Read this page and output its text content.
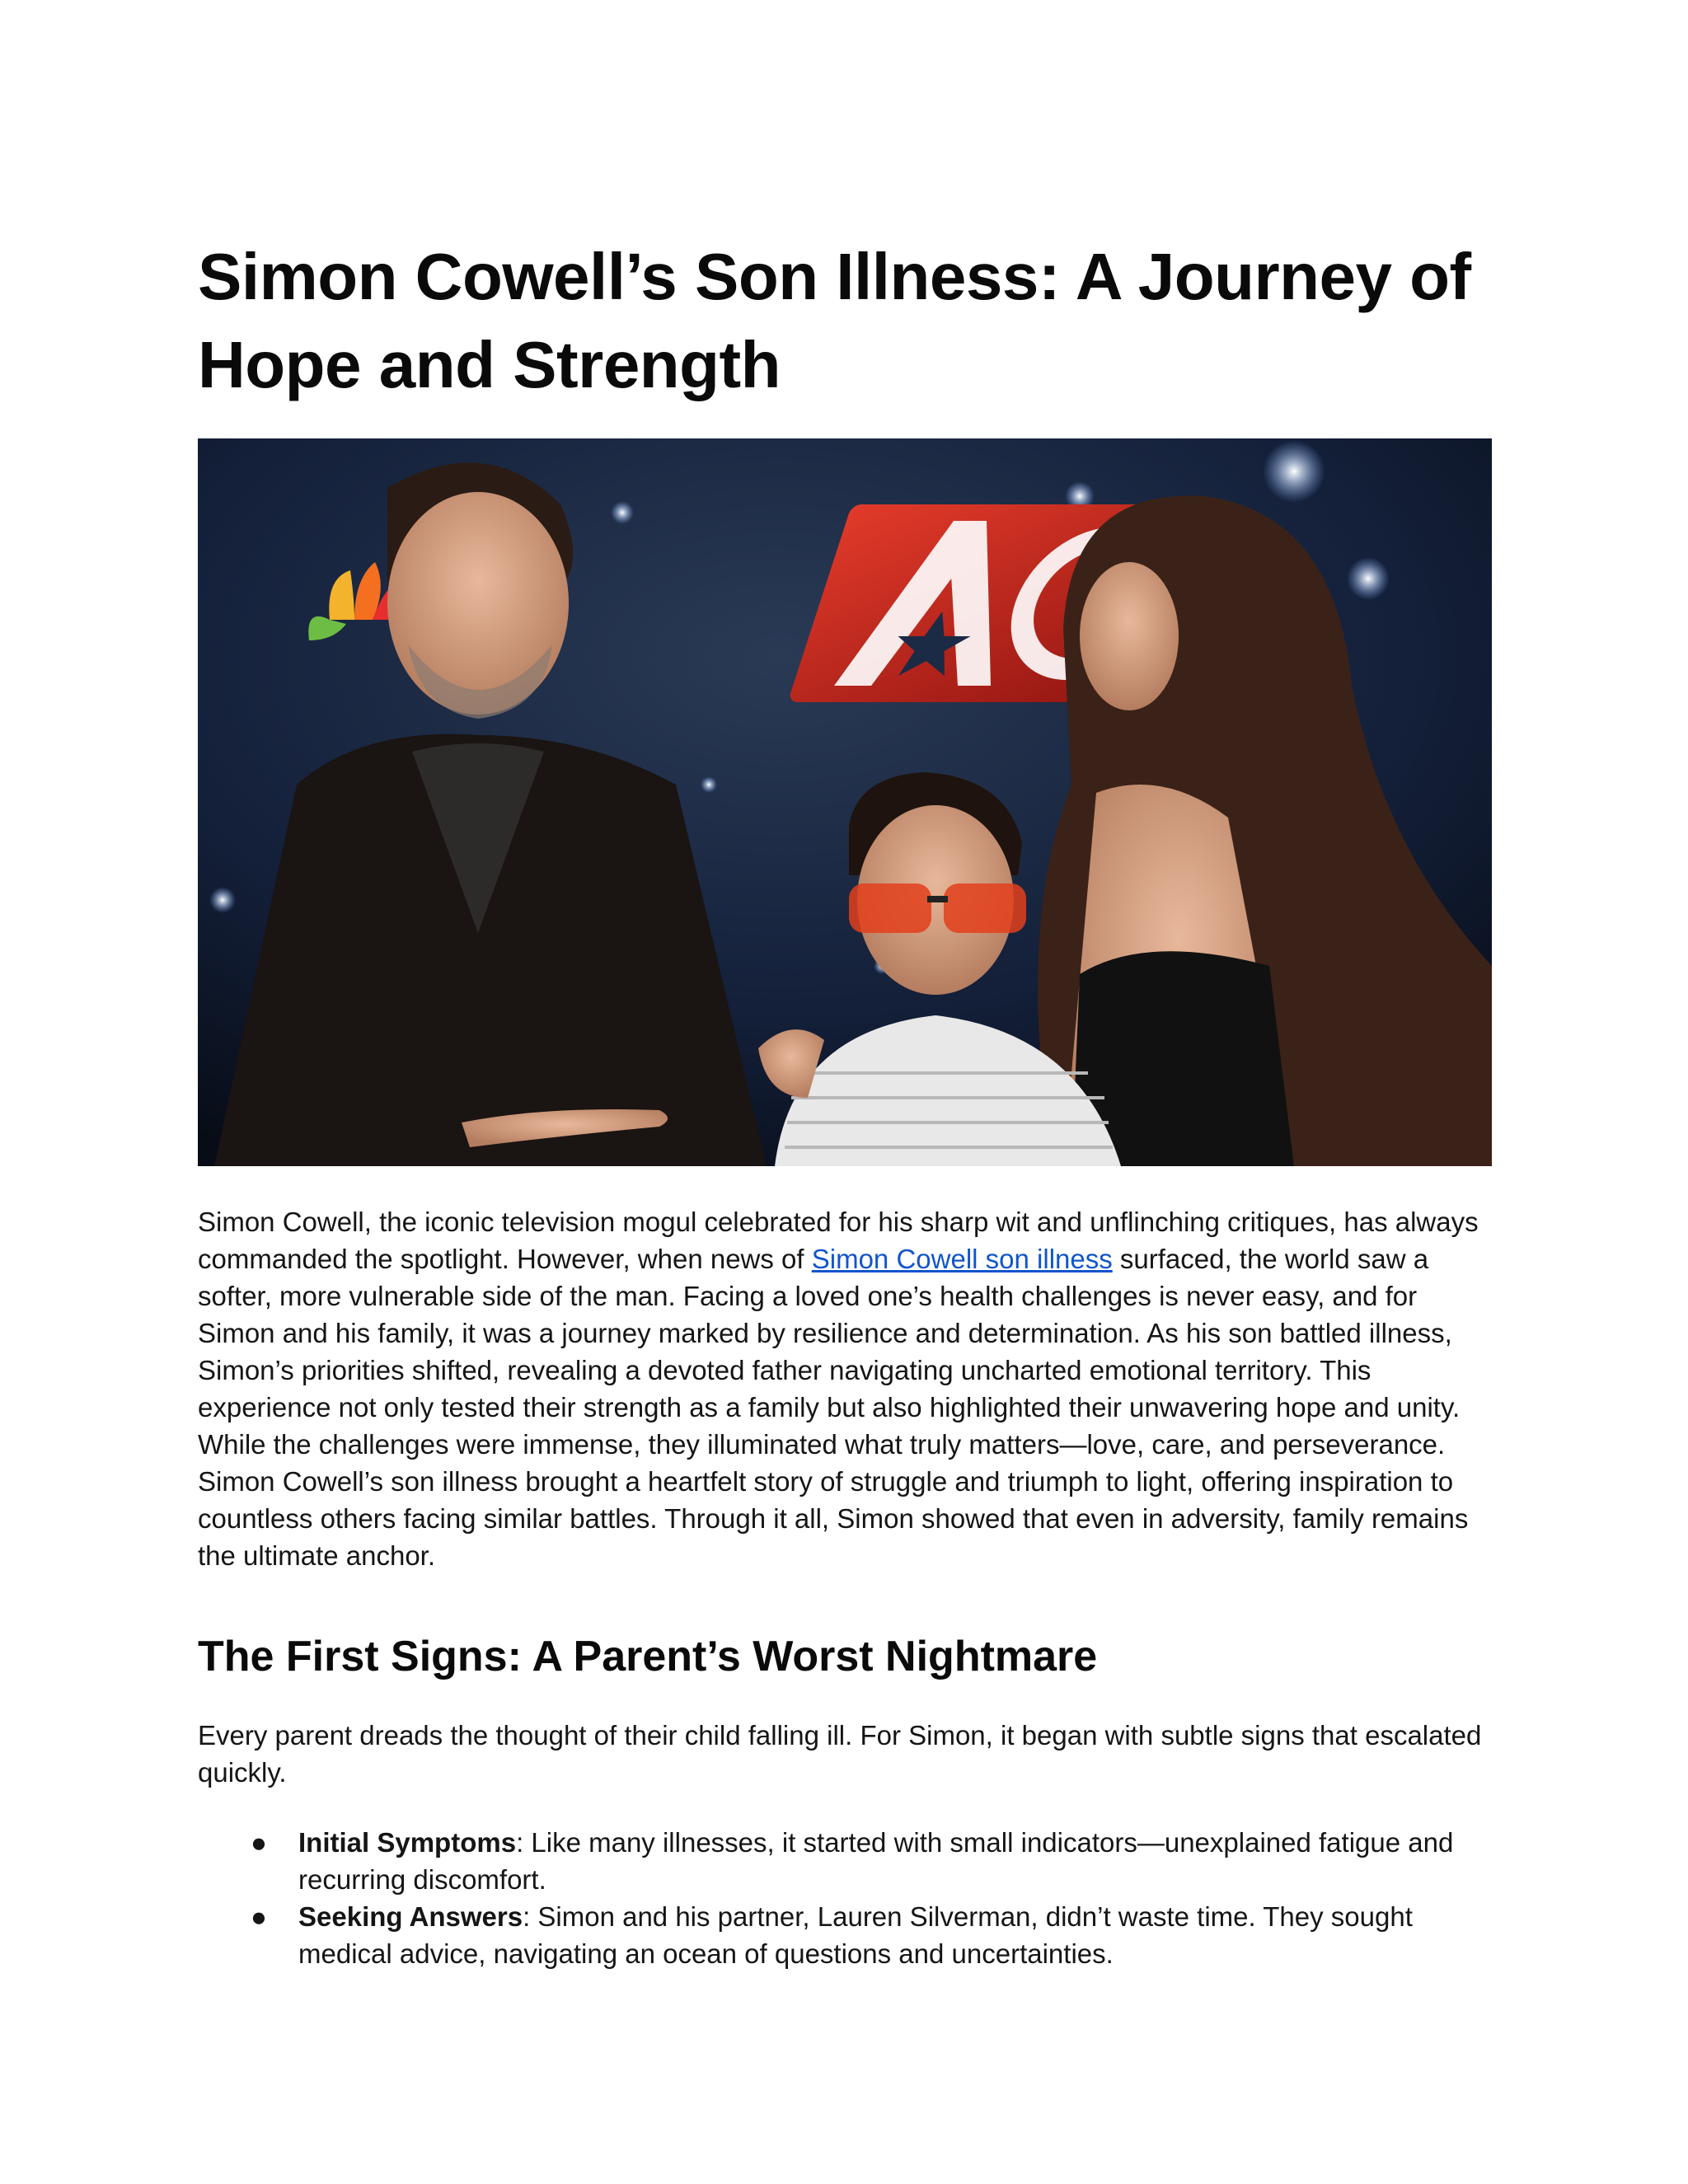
Simon Cowell’s Son Illness: A Journey of Hope and Strength

Simon Cowell, the iconic television mogul celebrated for his sharp wit and unflinching critiques, has always commanded the spotlight. However, when news of Simon Cowell son illness surfaced, the world saw a softer, more vulnerable side of the man. Facing a loved one’s health challenges is never easy, and for Simon and his family, it was a journey marked by resilience and determination. As his son battled illness, Simon’s priorities shifted, revealing a devoted father navigating uncharted emotional territory. This experience not only tested their strength as a family but also highlighted their unwavering hope and unity. While the challenges were immense, they illuminated what truly matters—love, care, and perseverance. Simon Cowell’s son illness brought a heartfelt story of struggle and triumph to light, offering inspiration to countless others facing similar battles. Through it all, Simon showed that even in adversity, family remains the ultimate anchor.

The First Signs: A Parent’s Worst Nightmare

Every parent dreads the thought of their child falling ill. For Simon, it began with subtle signs that escalated quickly.

● Initial Symptoms: Like many illnesses, it started with small indicators—unexplained fatigue and recurring discomfort.
● Seeking Answers: Simon and his partner, Lauren Silverman, didn’t waste time. They sought medical advice, navigating an ocean of questions and uncertainties.
